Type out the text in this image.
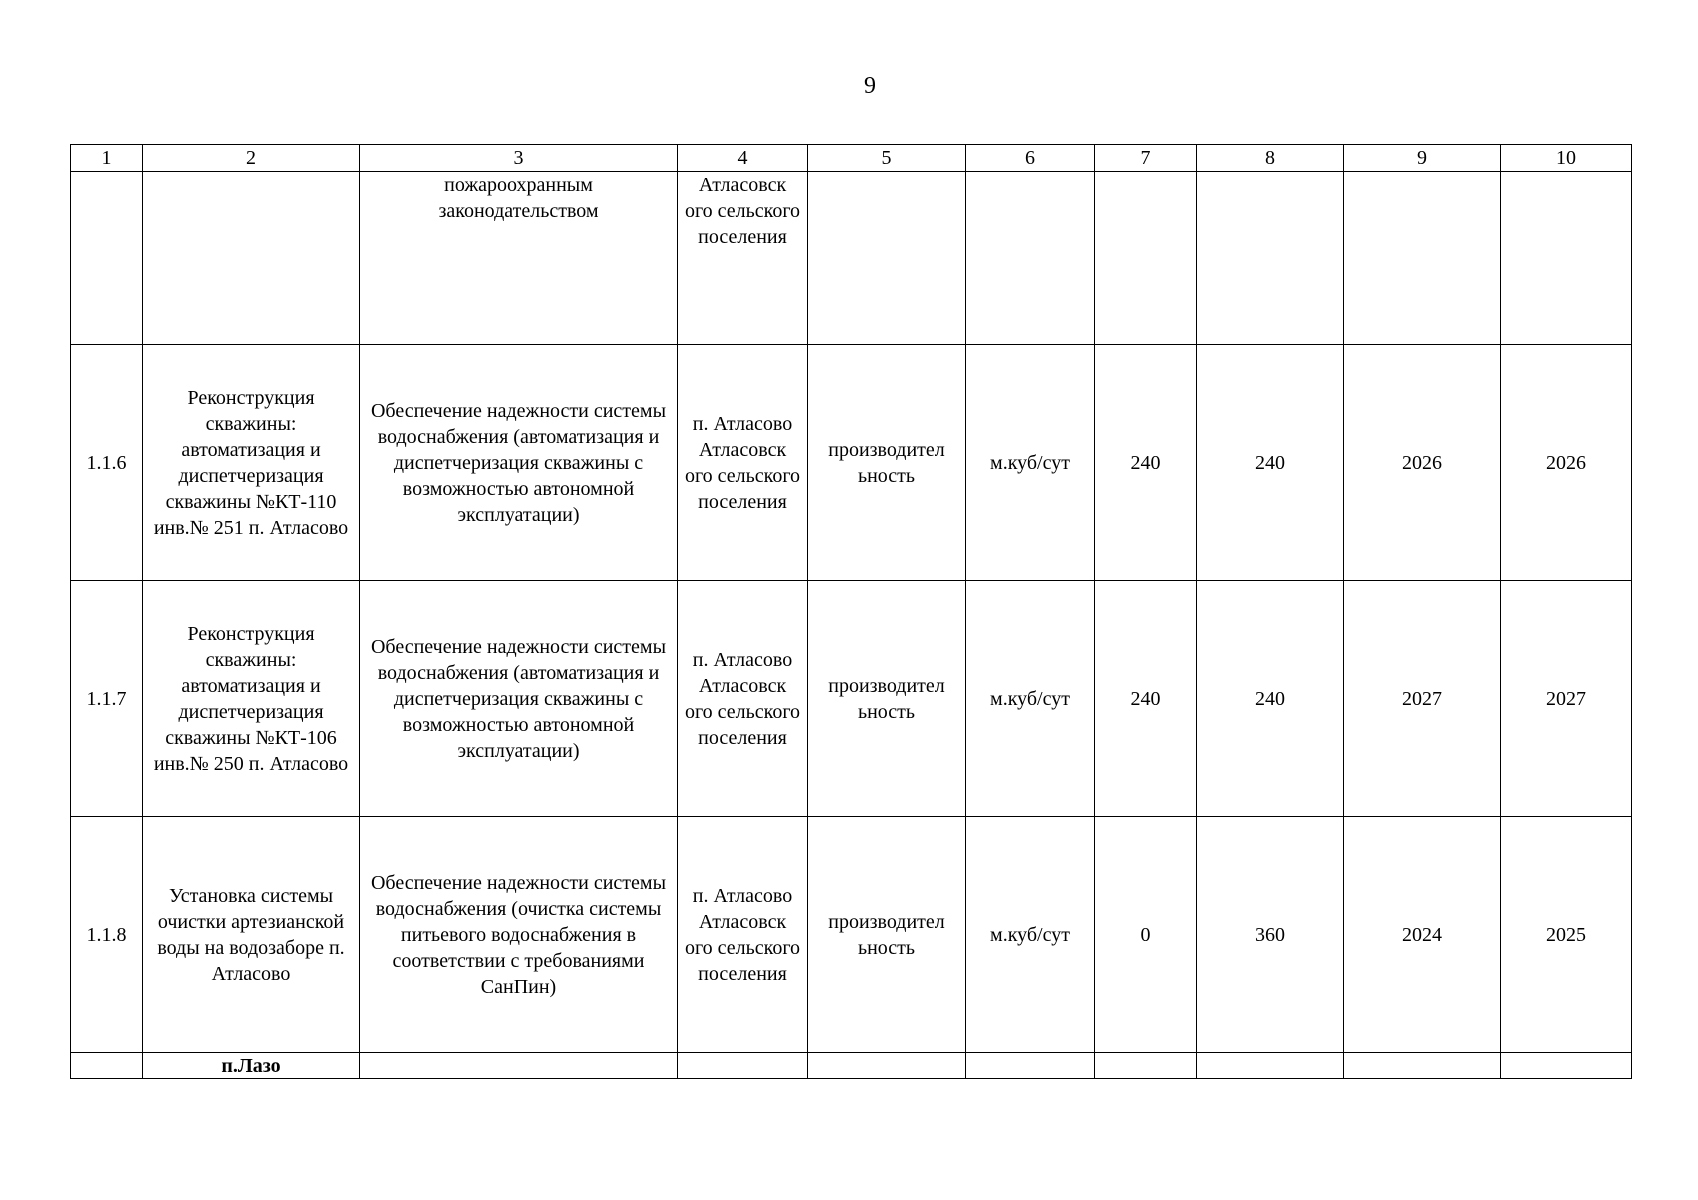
9
1	2	3	4	5	6	7	8	9	10
		пожароохранным законодательством	Атласовск ого сельского поселения						
1.1.6	Реконструкция скважины: автоматизация и диспетчеризация скважины №КТ-110 инв.№ 251 п. Атласово	Обеспечение надежности системы водоснабжения (автоматизация и диспетчеризация скважины с возможностью автономной эксплуатации)	п. Атласово Атласовск ого сельского поселения	производител ьность	м.куб/сут	240	240	2026	2026
1.1.7	Реконструкция скважины: автоматизация и диспетчеризация скважины №КТ-106 инв.№ 250 п. Атласово	Обеспечение надежности системы водоснабжения (автоматизация и диспетчеризация скважины с возможностью автономной эксплуатации)	п. Атласово Атласовск ого сельского поселения	производител ьность	м.куб/сут	240	240	2027	2027
1.1.8	Установка системы очистки артезианской воды на водозаборе п. Атласово	Обеспечение надежности системы водоснабжения (очистка системы питьевого водоснабжения в соответствии с требованиями СанПин)	п. Атласово Атласовск ого сельского поселения	производител ьность	м.куб/сут	0	360	2024	2025
	п.Лазо								
